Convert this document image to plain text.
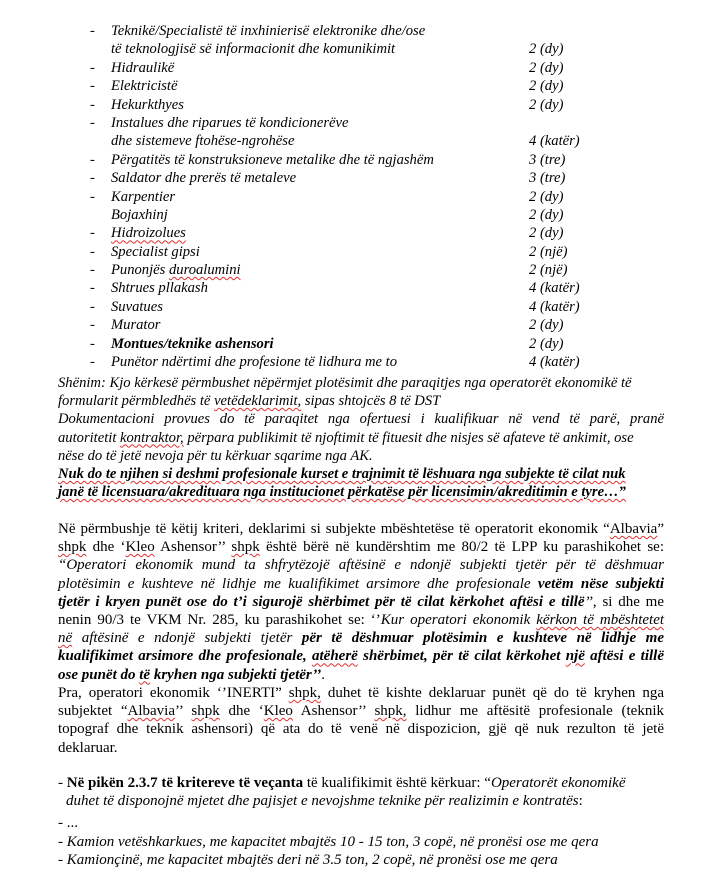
- Teknikë/Specialistë të inxhinierisë elektronike dhe/ose
të teknologjisë së informacionit dhe komunikimit	2 (dy)
- Hidraulikë	2 (dy)
- Elektricistë	2 (dy)
- Hekurkthyes	2 (dy)
- Instalues dhe riparues të kondicionerëve
dhe sistemeve ftohëse-ngrohëse	4 (katër)
- Përgatitës të konstruksioneve metalike dhe të ngjashëm	3 (tre)
- Saldator dhe prerës të metaleve	3 (tre)
- Karpentier	2 (dy)
Bojaxhinj	2 (dy)
- Hidroizolues	2 (dy)
- Specialist gipsi	2 (një)
- Punonjës duroalumini	2 (një)
- Shtrues pllakash	4 (katër)
- Suvatues	4 (katër)
- Murator	2 (dy)
- Montues/teknike ashensori	2 (dy)
- Punëtor ndërtimi dhe profesione të lidhura me to	4 (katër)
Shënim: Kjo kërkesë përmbushet nëpërmjet plotësimit dhe paraqitjes nga operatorët ekonomikë të
formularit përmbledhës të vetëdeklarimit, sipas shtojcës 8 të DST
Dokumentacioni provues do të paraqitet nga ofertuesi i kualifikuar në vend të parë, pranë
autoritetit kontraktor, përpara publikimit të njoftimit të fituesit dhe nisjes së afateve të ankimit, ose
nëse do të jetë nevoja për tu kërkuar sqarime nga AK.
Nuk do te njihen si deshmi profesionale kurset e trajnimit të lëshuara nga subjekte të cilat nuk
janë të licensuara/akredituara nga institucionet përkatëse për licensimin/akreditimin e tyre…”
Në përmbushje të këtij kriteri, deklarimi si subjekte mbështetëse të operatorit ekonomik “Albavia”
shpk dhe ‘Kleo Ashensor’’ shpk është bërë në kundërshtim me 80/2 të LPP ku parashikohet se:
“Operatori ekonomik mund ta shfrytëzojë aftësinë e ndonjë subjekti tjetër për të dëshmuar
plotësimin e kushteve në lidhje me kualifikimet arsimore dhe profesionale vetëm nëse subjekti
tjetër i kryen punët ose do t’i sigurojë shërbimet për të cilat kërkohet aftësi e tillë’’, si dhe me
nenin 90/3 te VKM Nr. 285, ku parashikohet se: ‘’Kur operatori ekonomik kërkon të mbështetet
në aftësinë e ndonjë subjekti tjetër për të dëshmuar plotësimin e kushteve në lidhje me
kualifikimet arsimore dhe profesionale, atëherë shërbimet, për të cilat kërkohet një aftësi e tillë
ose punët do të kryhen nga subjekti tjetër’’.
Pra, operatori ekonomik ‘’INERTI” shpk, duhet të kishte deklaruar punët që do të kryhen nga
subjektet “Albavia’’ shpk dhe ‘Kleo Ashensor’’ shpk, lidhur me aftësitë profesionale (teknik
topograf dhe teknik ashensori) që ata do të venë në dispozicion, gjë që nuk rezulton të jetë
deklaruar.
- Në pikën 2.3.7 të kritereve të veçanta të kualifikimit është kërkuar: “Operatorët ekonomikë
duhet të disponojnë mjetet dhe pajisjet e nevojshme teknike për realizimin e kontratës:
- ...
- Kamion vetëshkarkues, me kapacitet mbajtës 10 - 15 ton, 3 copë, në pronësi ose me qera
- Kamionçinë, me kapacitet mbajtës deri në 3.5 ton, 2 copë, në pronësi ose me qera
